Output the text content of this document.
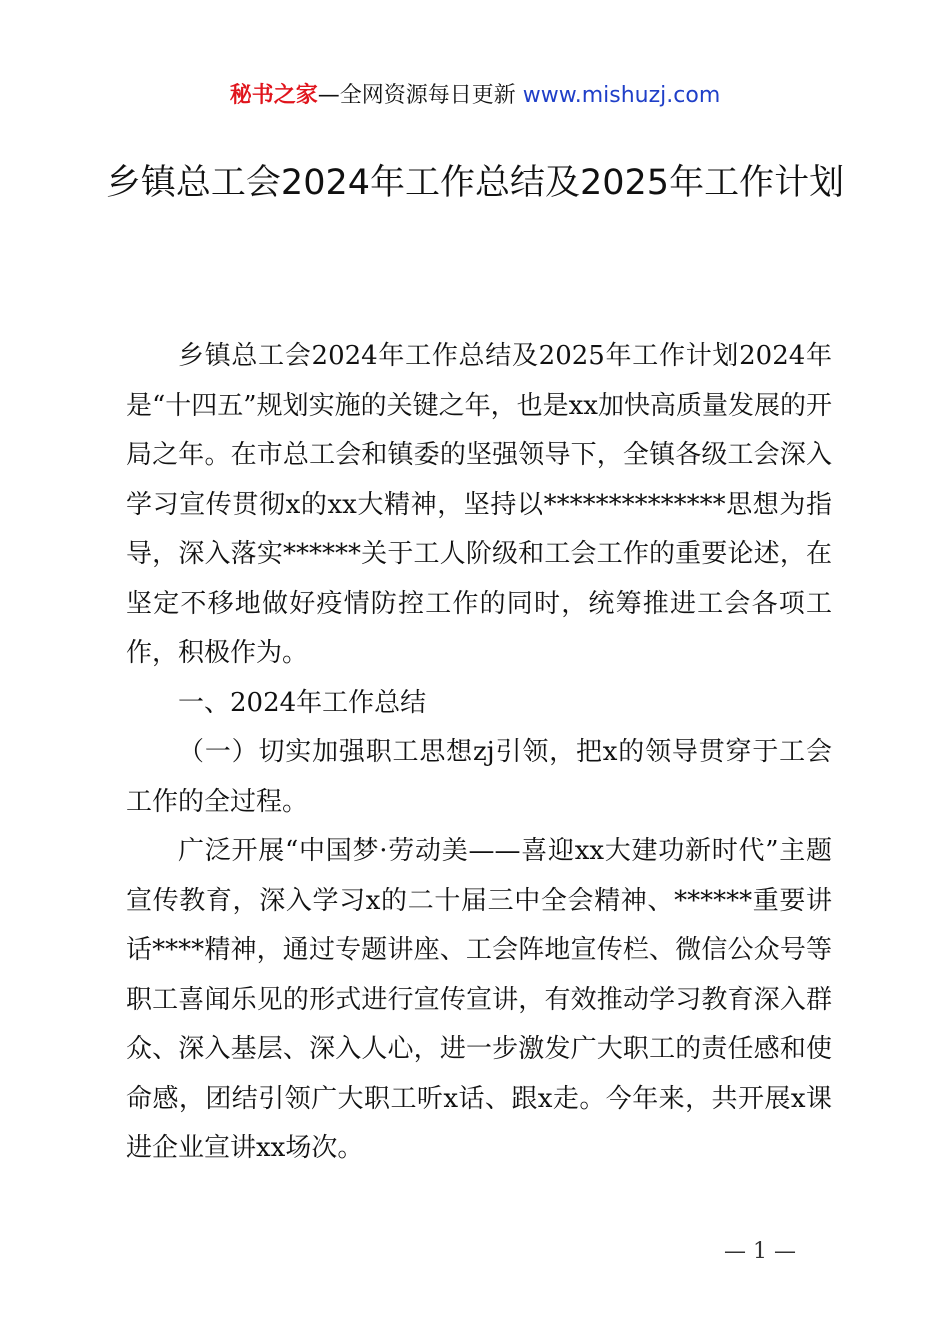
秘书之家—全网资源每日更新 www.mishuzj.com
乡镇总工会2024年工作总结及2025年工作计划

乡镇总工会2024年工作总结及2025年工作计划2024年是“十四五”规划实施的关键之年，也是xx加快高质量发展的开局之年。在市总工会和镇委的坚强领导下，全镇各级工会深入学习宣传贯彻x的xx大精神，坚持以**************思想为指导，深入落实******关于工人阶级和工会工作的重要论述，在坚定不移地做好疫情防控工作的同时，统筹推进工会各项工作，积极作为。

一、2024年工作总结

（一）切实加强职工思想zj引领，把x的领导贯穿于工会工作的全过程。

广泛开展“中国梦·劳动美——喜迎xx大建功新时代”主题宣传教育，深入学习x的二十届三中全会精神、******重要讲话****精神，通过专题讲座、工会阵地宣传栏、微信公众号等职工喜闻乐见的形式进行宣传宣讲，有效推动学习教育深入群众、深入基层、深入人心，进一步激发广大职工的责任感和使命感，团结引领广大职工听x话、跟x走。今年来，共开展x课进企业宣讲xx场次。

— 1 —
